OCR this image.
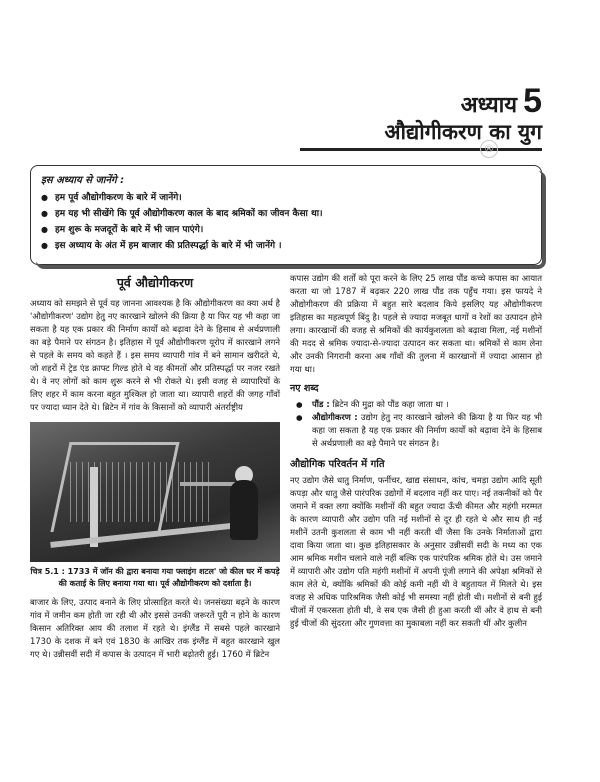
अध्याय 5
औद्योगीकरण का युग
®
इस अध्याय से जानेंगे :
● हम पूर्व औद्योगीकरण के बारे में जानेंगे।
● हम यह भी सीखेंगे कि पूर्व औद्योगीकरण काल के बाद श्रमिकों का जीवन कैसा था।
● हम शुरू के मजदूरों के बारे में भी जान पाएंगे।
● इस अध्याय के अंत में हम बाजार की प्रतिस्पर्द्धा के बारे में भी जानेंगे ।
पूर्व औद्योगीकरण

अध्याय को समझने से पूर्व यह जानना आवश्यक है कि औद्योगीकरण का क्या अर्थ है 'औद्योगीकरण' उद्योग हेतु नए कारखाने खोलने की क्रिया है या फिर यह भी कहा जा सकता है यह एक प्रकार की निर्माण कार्यों को बढ़ावा देने के हिसाब से अर्थप्रणाली का बड़े पैमाने पर संगठन है। इतिहास में पूर्व औद्योगीकरण यूरोप में कारखाने लगने से पहले के समय को कहते हैं । इस समय व्यापारी गांव में बने सामान खरीदते थे, जो शहरों में ट्रेड एंड क्राफ्ट गिल्ड होते थे वह कीमतों और प्रतिस्पर्द्धा पर नजर रखते थे। वे नए लोगों को काम शुरू करने से भी रोकते थे। इसी वजह से व्यापारियों के लिए शहर में काम करना बहुत मुश्किल हो जाता था। व्यापारी शहरों की जगह गाँवों पर ज्यादा ध्यान देते थे। ब्रिटेन में गांव के किसानों को व्यापारी अंतर्राष्ट्रीय

चित्र 5.1 : 1733 में जॉन की द्वारा बनाया गया फ्लाइंग शटल' जो कील घर में कपड़े की कताई के लिए बनाया गया था। पूर्व औद्योगीकरण को दर्शाता है।

बाजार के लिए, उत्पाद बनाने के लिए प्रोत्साहित करते थे। जनसंख्या बढ़ने के कारण गांव में जमीन कम होती जा रही थी और इससे उनकी जरूरतें पूरी न होने के कारण किसान अतिरिक्त आय की तलाश में रहते थे। इंग्लैंड में सबसे पहले कारखाने 1730 के दशक में बने एवं 1830 के आखिर तक इंग्लैंड में बहुत कारखाने खुल गए थे। उन्नीसवीं सदी में कपास के उत्पादन में भारी बढ़ोतरी हुई। 1760 में ब्रिटेन

कपास उद्योग की शर्तों को पूरा करने के लिए 25 लाख पौंड कच्चे कपास का आयात करता था जो 1787 में बढ़कर 220 लाख पौंड तक पहुँच गया। इस फायदे ने औद्योगीकरण की प्रक्रिया में बहुत सारे बदलाव किये इसलिए यह औद्योगीकरण इतिहास का महत्वपूर्ण बिंदु है। पहले से ज्यादा मजबूत धागों व रेशों का उत्पादन होने लगा। कारखानों की वजह से श्रमिकों की कार्यकुशलता को बढ़ावा मिला, नई मशीनों की मदद से श्रमिक ज्यादा-से-ज्यादा उत्पादन कर सकता था। श्रमिकों से काम लेना और उनकी निगरानी करना अब गाँवों की तुलना में कारखानों में ज्यादा आसान हो गया था।

नए शब्द
● पौंड : ब्रिटेन की मुद्रा को पौंड कहा जाता था ।
● औद्योगीकरण : उद्योग हेतु नए कारखाने खोलने की क्रिया है या फिर यह भी कहा जा सकता है यह एक प्रकार की निर्माण कार्यों को बढ़ावा देने के हिसाब से अर्थप्रणाली का बड़े पैमाने पर संगठन है।
औद्योगिक परिवर्तन में गति

नए उद्योग जैसे धातु निर्माण, फर्नीचर, खाद्य संसाधन, कांच, चमड़ा उद्योग आदि सूती कपड़ा और धातु जैसे पारंपरिक उद्योगों में बदलाव नहीं कर पाए। नई तकनीकों को पैर जमाने में वक्त लगा क्योंकि मशीनों की बहुत ज्यादा ऊँची कीमत और महंगी मरम्मत के कारण व्यापारी और उद्योग पति नई मशीनों से दूर ही रहते थे और साथ ही नई मशीनें उतनी कुशलता से काम भी नहीं करती थीं जैसा कि उनके निर्माताओं द्वारा दावा किया जाता था। कुछ इतिहासकार के अनुसार उन्नीसवीं सदी के मध्य का एक आम श्रमिक मशीन चलाने वाले नहीं बल्कि एक पारंपरिक श्रमिक होते थे। उस जमाने में व्यापारी और उद्योग पति महंगी मशीनों में अपनी पूंजी लगाने की अपेक्षा श्रमिकों से काम लेते थे, क्योंकि श्रमिकों की कोई कमी नहीं थी वे बहुतायत में मिलते थे। इस वजह से अधिक पारिश्रमिक जैसी कोई भी समस्या नहीं होती थी। मशीनों से बनी हुई चीजों में एकरसता होती थी, वे सब एक जैसी ही हुआ करती थीं और वे हाथ से बनी हुई चीजों की सुंदरता और गुणवत्ता का मुकाबला नहीं कर सकती थीं और कुलीन
